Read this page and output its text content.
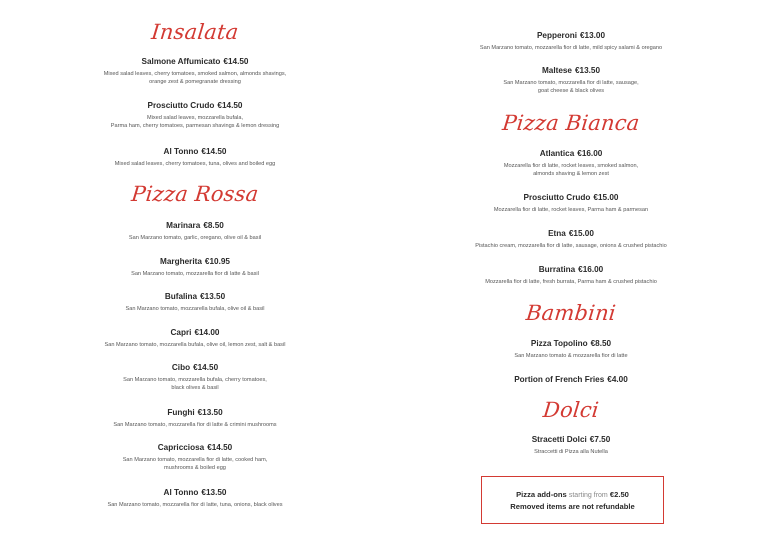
Insalata
Salmone Affumicato €14.50
Mixed salad leaves, cherry tomatoes, smoked salmon, almonds shavings,
orange zest & pomegranate dressing
Prosciutto Crudo €14.50
Mixed salad leaves, mozzarella bufala,
Parma ham, cherry tomatoes, parmesan shavings & lemon dressing
Al Tonno €14.50
Mixed salad leaves, cherry tomatoes, tuna, olives and boiled egg
Pizza Rossa
Marinara €8.50
San Marzano tomato, garlic, oregano, olive oil & basil
Margherita €10.95
San Marzano tomato, mozzarella fior di latte & basil
Bufalina €13.50
San Marzano tomato, mozzarella bufala, olive oil & basil
Capri €14.00
San Marzano tomato, mozzarella bufala, olive oil, lemon zest, salt & basil
Cibo €14.50
San Marzano tomato, mozzarella bufala, cherry tomatoes,
black olives & basil
Funghi €13.50
San Marzano tomato, mozzarella fior di latte & crimini mushrooms
Capricciosa €14.50
San Marzano tomato, mozzarella fior di latte, cooked ham,
mushrooms & boiled egg
Al Tonno €13.50
San Marzano tomato, mozzarella fior di latte, tuna, onions, black olives
Pepperoni €13.00
San Marzano tomato, mozzarella fior di latte, mild spicy salami & oregano
Maltese €13.50
San Marzano tomato, mozzarella fior di latte, sausage,
goat cheese & black olives
Pizza Bianca
Atlantica €16.00
Mozzarella fior di latte, rocket leaves, smoked salmon,
almonds shaving & lemon zest
Prosciutto Crudo €15.00
Mozzarella fior di latte, rocket leaves, Parma ham & parmesan
Etna €15.00
Pistachio cream, mozzarella fior di latte, sausage, onions & crushed pistachio
Burratina €16.00
Mozzarella fior di latte, fresh burrata, Parma ham & crushed pistachio
Bambini
Pizza Topolino €8.50
San Marzano tomato & mozzarella fior di latte
Portion of French Fries €4.00
Dolci
Stracetti Dolci €7.50
Straccetti di Pizza alla Nutella
Pizza add-ons starting from €2.50
Removed items are not refundable
